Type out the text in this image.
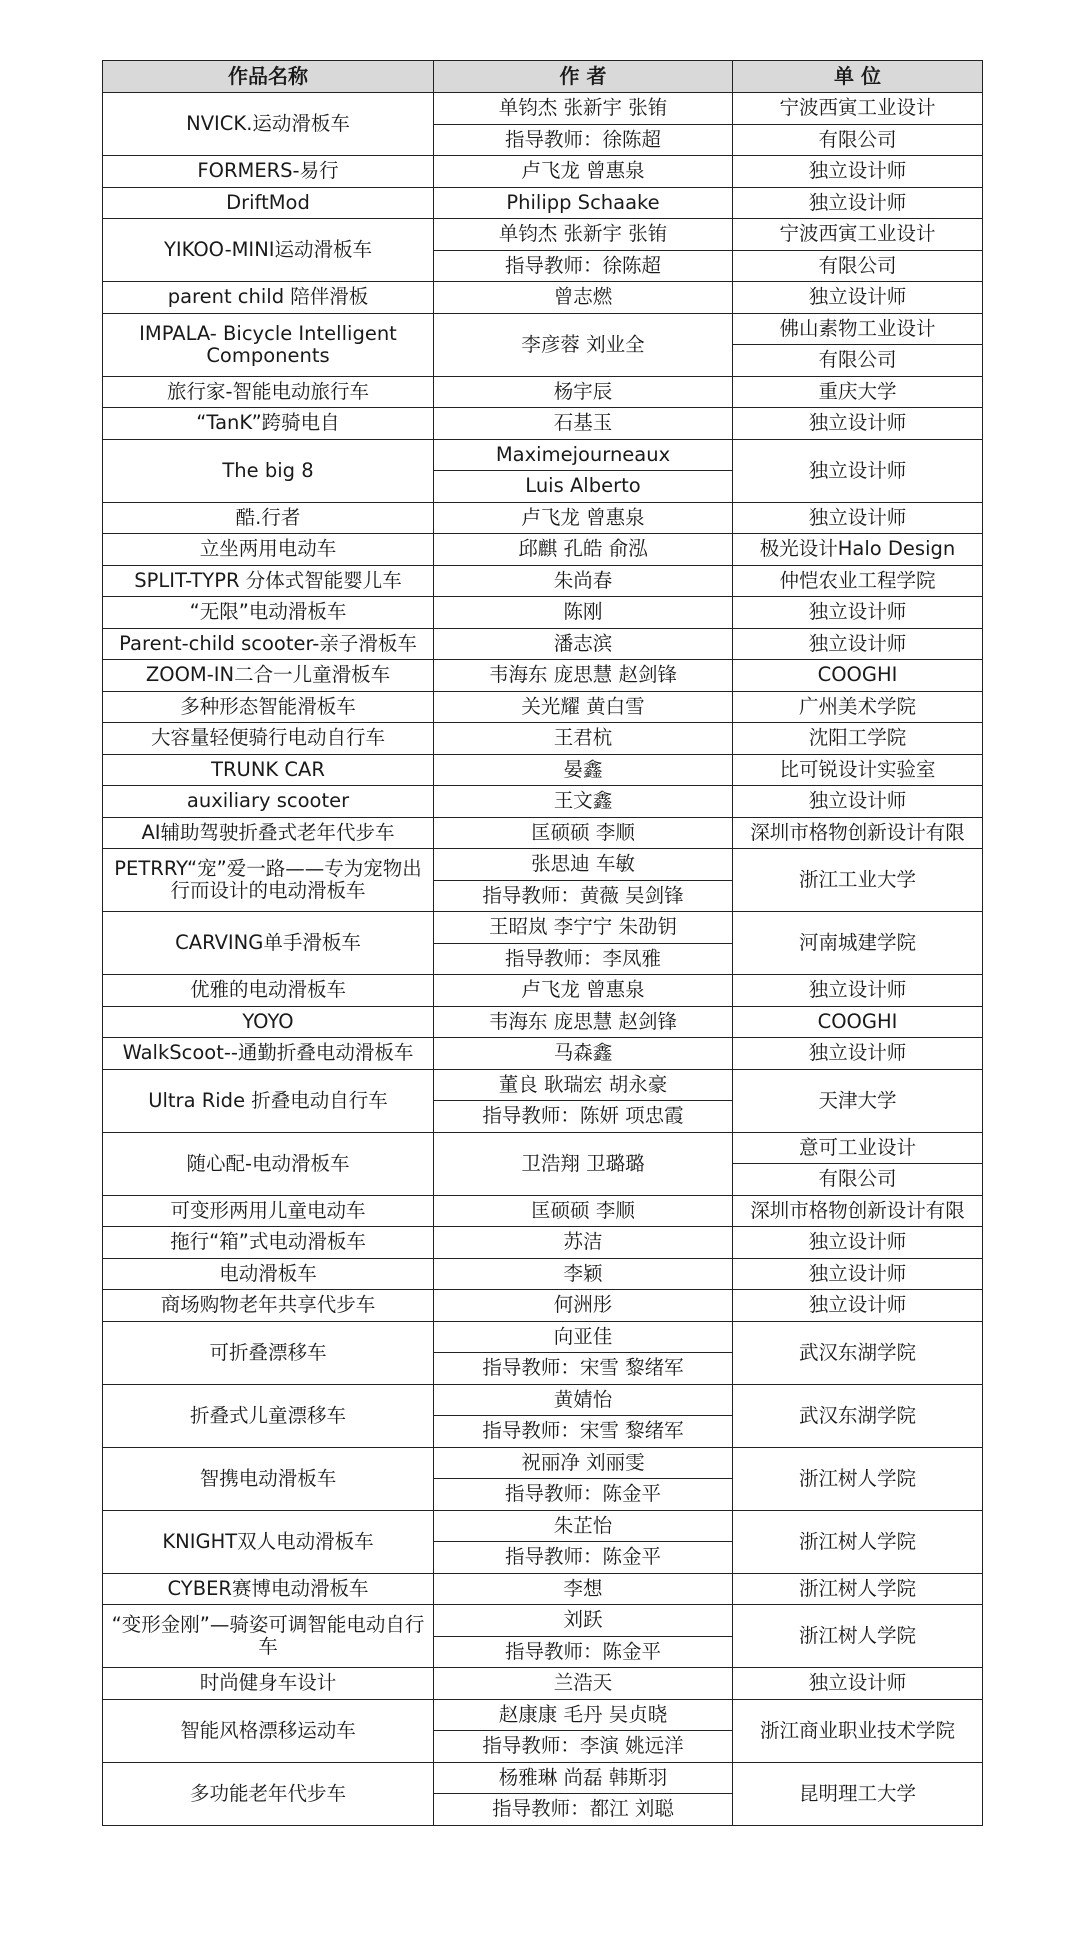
作品名称	作 者	单 位
NVICK.运动滑板车	单钧杰 张新宇 张铕	宁波西寅工业设计
	指导教师：徐陈超	有限公司
FORMERS-易行	卢飞龙 曾惠泉	独立设计师
DriftMod	Philipp Schaake	独立设计师
YIKOO-MINI运动滑板车	单钧杰 张新宇 张铕	宁波西寅工业设计
	指导教师：徐陈超	有限公司
parent child 陪伴滑板	曾志燃	独立设计师
IMPALA- Bicycle Intelligent Components	李彦蓉 刘业全	佛山素物工业设计
		有限公司
旅行家-智能电动旅行车	杨宇辰	重庆大学
“TanK”跨骑电自	石基玉	独立设计师
The big 8	Maximejourneaux	独立设计师
	Luis Alberto	
酷.行者	卢飞龙 曾惠泉	独立设计师
立坐两用电动车	邱麒 孔皓 俞泓	极光设计Halo Design
SPLIT-TYPR 分体式智能婴儿车	朱尚春	仲恺农业工程学院
“无限”电动滑板车	陈刚	独立设计师
Parent-child scooter-亲子滑板车	潘志滨	独立设计师
ZOOM-IN二合一儿童滑板车	韦海东 庞思慧 赵剑锋	COOGHI
多种形态智能滑板车	关光耀 黄白雪	广州美术学院
大容量轻便骑行电动自行车	王君杭	沈阳工学院
TRUNK CAR	晏鑫	比可锐设计实验室
auxiliary scooter	王文鑫	独立设计师
AI辅助驾驶折叠式老年代步车	匡硕硕 李顺	深圳市格物创新设计有限
PETRRY“宠”爱一路——专为宠物出行而设计的电动滑板车	张思迪 车敏	浙江工业大学
	指导教师：黄薇 吴剑锋	
CARVING单手滑板车	王昭岚 李宁宁 朱劭钥	河南城建学院
	指导教师：李凤雅	
优雅的电动滑板车	卢飞龙 曾惠泉	独立设计师
YOYO	韦海东 庞思慧 赵剑锋	COOGHI
WalkScoot--通勤折叠电动滑板车	马森鑫	独立设计师
Ultra Ride 折叠电动自行车	董良 耿瑞宏 胡永豪	天津大学
	指导教师：陈妍 项忠霞	
随心配-电动滑板车	卫浩翔 卫璐璐	意可工业设计
		有限公司
可变形两用儿童电动车	匡硕硕 李顺	深圳市格物创新设计有限
拖行“箱”式电动滑板车	苏洁	独立设计师
电动滑板车	李颖	独立设计师
商场购物老年共享代步车	何洲彤	独立设计师
可折叠漂移车	向亚佳	武汉东湖学院
	指导教师：宋雪 黎绪军	
折叠式儿童漂移车	黄婧怡	武汉东湖学院
	指导教师：宋雪 黎绪军	
智携电动滑板车	祝丽净 刘丽雯	浙江树人学院
	指导教师：陈金平	
KNIGHT双人电动滑板车	朱芷怡	浙江树人学院
	指导教师：陈金平	
CYBER赛博电动滑板车	李想	浙江树人学院
“变形金刚”—骑姿可调智能电动自行车	刘跃	浙江树人学院
	指导教师：陈金平	
时尚健身车设计	兰浩天	独立设计师
智能风格漂移运动车	赵康康 毛丹 吴贞晓	浙江商业职业技术学院
	指导教师：李演 姚远洋	
多功能老年代步车	杨雅琳 尚磊 韩斯羽	昆明理工大学
	指导教师：都江 刘聪	
